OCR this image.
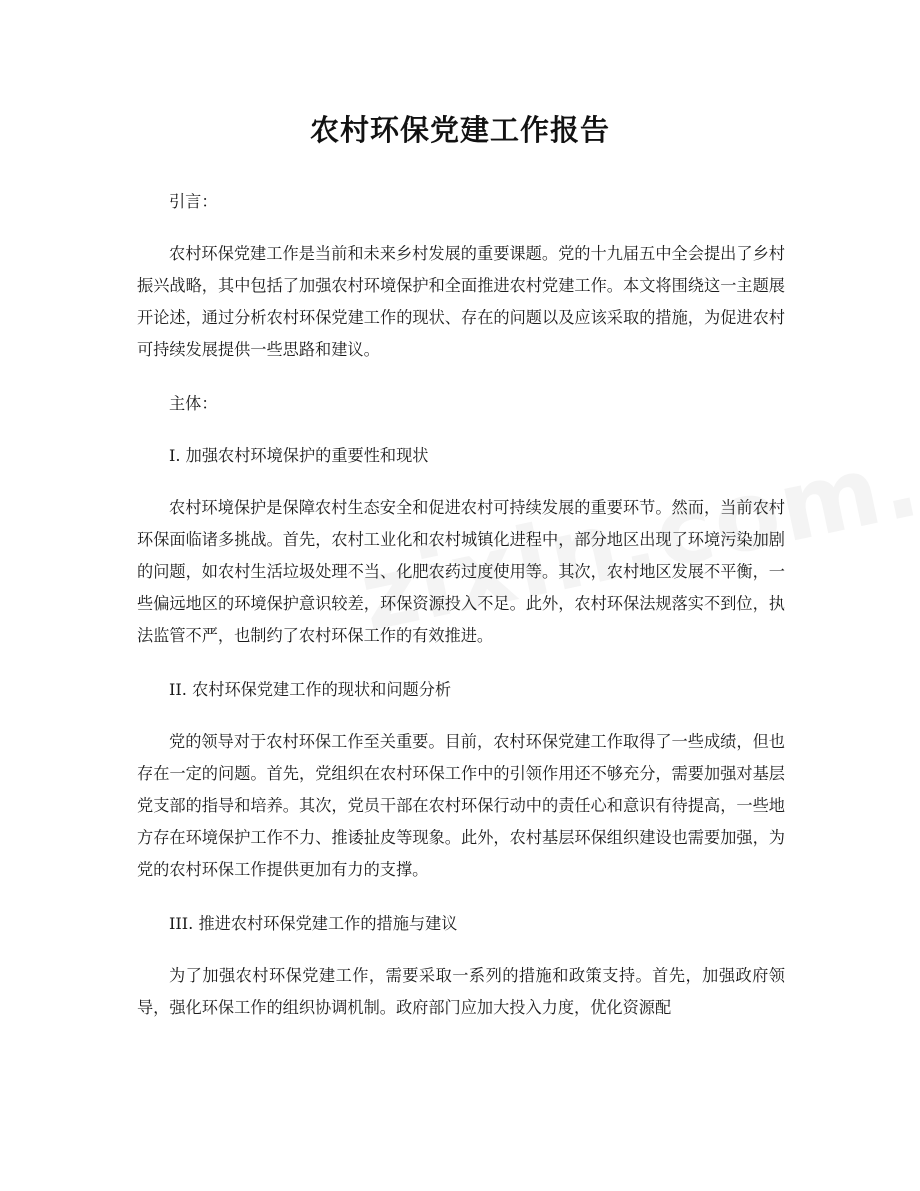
农村环保党建工作报告

引言：

农村环保党建工作是当前和未来乡村发展的重要课题。党的十九届五中全会提出了乡村振兴战略，其中包括了加强农村环境保护和全面推进农村党建工作。本文将围绕这一主题展开论述，通过分析农村环保党建工作的现状、存在的问题以及应该采取的措施，为促进农村可持续发展提供一些思路和建议。

主体：

I. 加强农村环境保护的重要性和现状

农村环境保护是保障农村生态安全和促进农村可持续发展的重要环节。然而，当前农村环保面临诸多挑战。首先，农村工业化和农村城镇化进程中，部分地区出现了环境污染加剧的问题，如农村生活垃圾处理不当、化肥农药过度使用等。其次，农村地区发展不平衡，一些偏远地区的环境保护意识较差，环保资源投入不足。此外，农村环保法规落实不到位，执法监管不严，也制约了农村环保工作的有效推进。

II. 农村环保党建工作的现状和问题分析

党的领导对于农村环保工作至关重要。目前，农村环保党建工作取得了一些成绩，但也存在一定的问题。首先，党组织在农村环保工作中的引领作用还不够充分，需要加强对基层党支部的指导和培养。其次，党员干部在农村环保行动中的责任心和意识有待提高，一些地方存在环境保护工作不力、推诿扯皮等现象。此外，农村基层环保组织建设也需要加强，为党的农村环保工作提供更加有力的支撑。

III. 推进农村环保党建工作的措施与建议

为了加强农村环保党建工作，需要采取一系列的措施和政策支持。首先，加强政府领导，强化环保工作的组织协调机制。政府部门应加大投入力度，优化资源配
